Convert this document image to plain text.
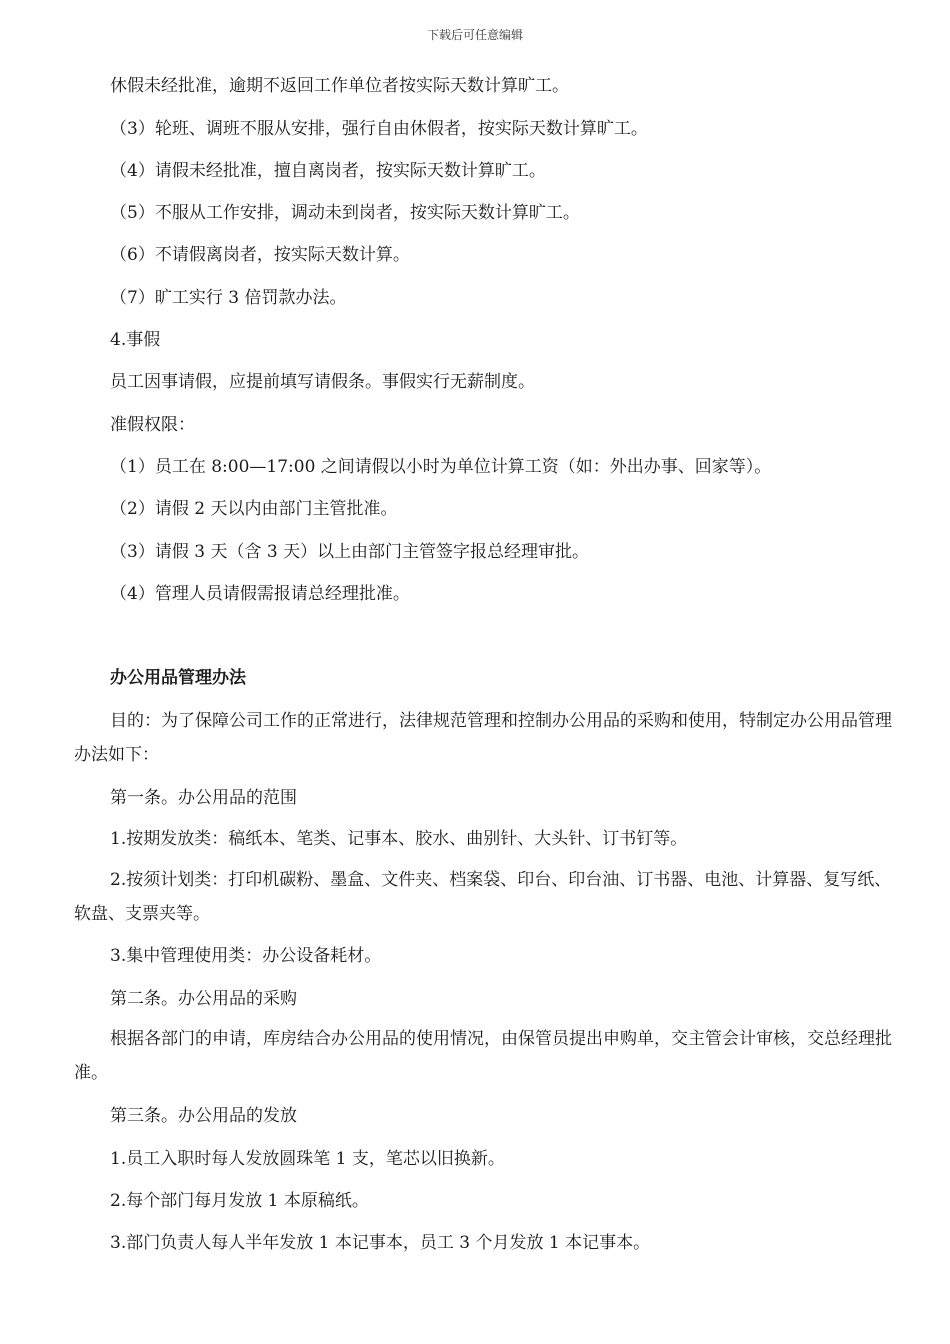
下载后可任意编辑
休假未经批准，逾期不返回工作单位者按实际天数计算旷工。
（3）轮班、调班不服从安排，强行自由休假者，按实际天数计算旷工。
（4）请假未经批准，擅自离岗者，按实际天数计算旷工。
（5）不服从工作安排，调动未到岗者，按实际天数计算旷工。
（6）不请假离岗者，按实际天数计算。
（7）旷工实行 3 倍罚款办法。
4.事假
员工因事请假，应提前填写请假条。事假实行无薪制度。
准假权限：
（1）员工在 8:00—17:00 之间请假以小时为单位计算工资（如：外出办事、回家等）。
（2）请假 2 天以内由部门主管批准。
（3）请假 3 天（含 3 天）以上由部门主管签字报总经理审批。
（4）管理人员请假需报请总经理批准。
办公用品管理办法
目的：为了保障公司工作的正常进行，法律规范管理和控制办公用品的采购和使用，特制定办公用品管理办法如下：
第一条。办公用品的范围
1.按期发放类：稿纸本、笔类、记事本、胶水、曲别针、大头针、订书钉等。
2.按须计划类：打印机碳粉、墨盒、文件夹、档案袋、印台、印台油、订书器、电池、计算器、复写纸、软盘、支票夹等。
3.集中管理使用类：办公设备耗材。
第二条。办公用品的采购
根据各部门的申请，库房结合办公用品的使用情况，由保管员提出申购单，交主管会计审核，交总经理批准。
第三条。办公用品的发放
1.员工入职时每人发放圆珠笔 1 支，笔芯以旧换新。
2.每个部门每月发放 1 本原稿纸。
3.部门负责人每人半年发放 1 本记事本，员工 3 个月发放 1 本记事本。
